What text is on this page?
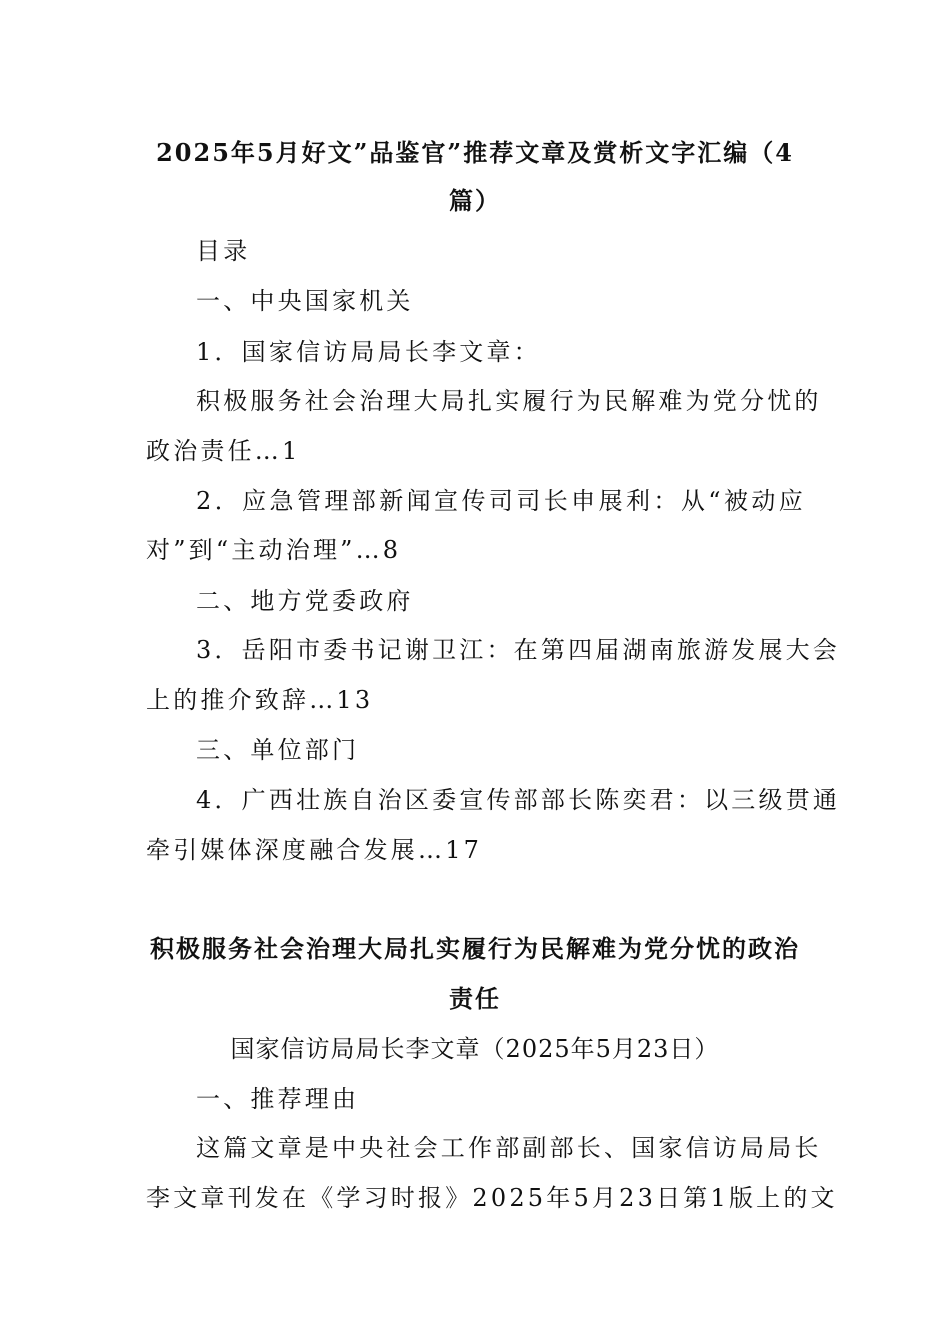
2025年5月好文”品鉴官”推荐文章及赏析文字汇编（4
篇）
目录
一、中央国家机关
1．国家信访局局长李文章：
积极服务社会治理大局扎实履行为民解难为党分忧的
政治责任…1
2．应急管理部新闻宣传司司长申展利：从“被动应
对”到“主动治理”…8
二、地方党委政府
3．岳阳市委书记谢卫江：在第四届湖南旅游发展大会
上的推介致辞…13
三、单位部门
4．广西壮族自治区委宣传部部长陈奕君：以三级贯通
牵引媒体深度融合发展…17
积极服务社会治理大局扎实履行为民解难为党分忧的政治
责任
国家信访局局长李文章（2025年5月23日）
一、推荐理由
这篇文章是中央社会工作部副部长、国家信访局局长
李文章刊发在《学习时报》2025年5月23日第1版上的文
